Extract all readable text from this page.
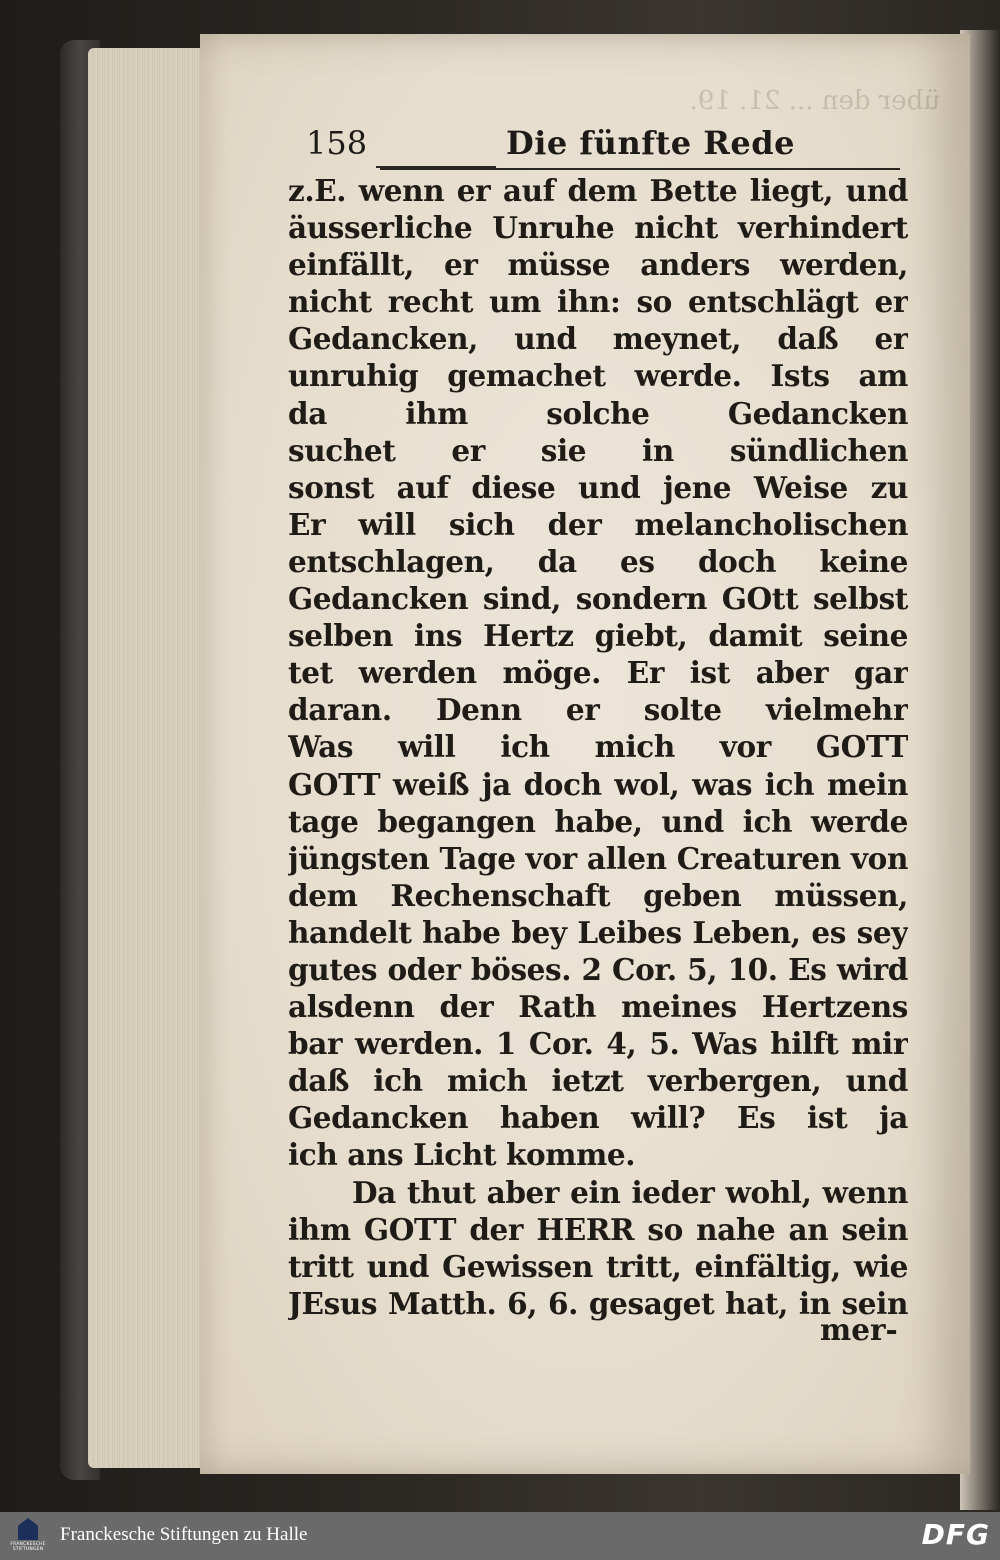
über den ... 21. 19.
158	Die fünfte Rede
z.E. wenn er auf dem Bette liegt, und
äusserliche Unruhe nicht verhindert
einfällt, er müsse anders werden,
nicht recht um ihn: so entschlägt er
Gedancken, und meynet, daß er
unruhig gemachet werde. Ists am
da ihm solche Gedancken
suchet er sie in sündlichen
sonst auf diese und jene Weise zu
Er will sich der melancholischen
entschlagen, da es doch keine
Gedancken sind, sondern GOtt selbst
selben ins Hertz giebt, damit seine
tet werden möge. Er ist aber gar
daran. Denn er solte vielmehr
Was will ich mich vor GOTT
GOTT weiß ja doch wol, was ich mein
tage begangen habe, und ich werde
jüngsten Tage vor allen Creaturen von
dem Rechenschaft geben müssen,
handelt habe bey Leibes Leben, es sey
gutes oder böses. 2 Cor. 5, 10. Es wird
alsdenn der Rath meines Hertzens
bar werden. 1 Cor. 4, 5. Was hilft mir
daß ich mich ietzt verbergen, und
Gedancken haben will? Es ist ja
ich ans Licht komme.
Da thut aber ein ieder wohl, wenn
ihm GOTT der HERR so nahe an sein
tritt und Gewissen tritt, einfältig, wie
JEsus Matth. 6, 6. gesaget hat, in sein
mer-
FRANCKESCHE STIFTUNGEN
Franckesche Stiftungen zu Halle	DFG
